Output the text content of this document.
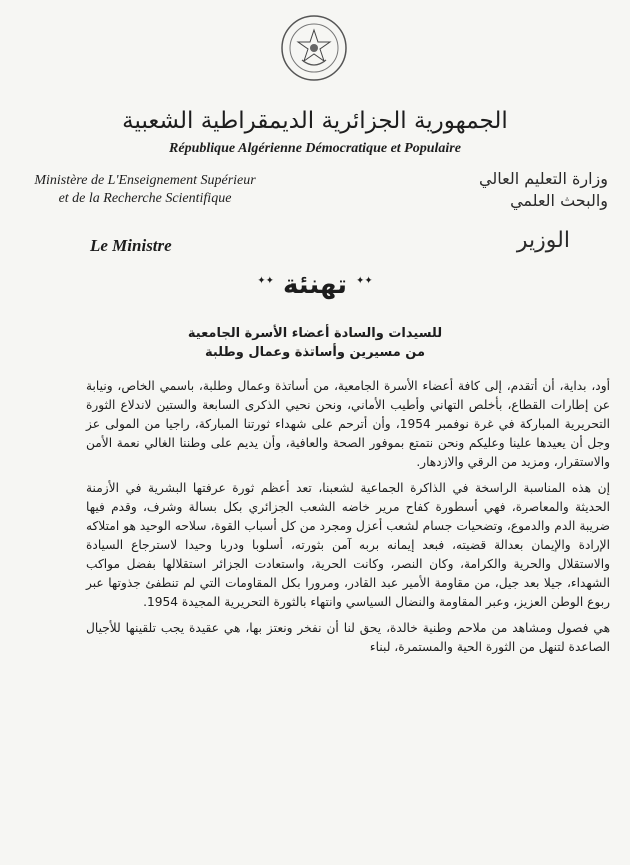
الجمهورية الجزائرية الديمقراطية الشعبية
République Algérienne Démocratique et Populaire
Ministère de L'Enseignement Supérieur
et de la Recherche Scientifique
وزارة التعليم العالي
والبحث العلمي
Le Ministre	الوزير
✦✦ تهنئة ✦✦
للسيدات والسادة أعضاء الأسرة الجامعية
من مسيرين وأساتذة وعمال وطلبة

أود، بداية، أن أتقدم، إلى كافة أعضاء الأسرة الجامعية، من أساتذة وعمال وطلبة، باسمي الخاص، ونيابة عن إطارات القطاع، بأخلص التهاني وأطيب الأماني، ونحن نحيي الذكرى السابعة والستين لاندلاع الثورة التحريرية المباركة في غرة نوفمبر 1954، وأن أترحم على شهداء ثورتنا المباركة، راجيا من المولى عز وجل أن يعيدها علينا وعليكم ونحن نتمتع بموفور الصحة والعافية، وأن يديم على وطننا الغالي نعمة الأمن والاستقرار، ومزيد من الرقي والازدهار.

إن هذه المناسبة الراسخة في الذاكرة الجماعية لشعبنا، تعد أعظم ثورة عرفتها البشرية في الأزمنة الحديثة والمعاصرة، فهي أسطورة كفاح مرير خاضه الشعب الجزائري بكل بسالة وشرف، وقدم فيها ضريبة الدم والدموع، وتضحيات جسام لشعب أعزل ومجرد من كل أسباب القوة، سلاحه الوحيد هو امتلاكه الإرادة والإيمان بعدالة قضيته، فبعد إيمانه بربه آمن بثورته، أسلوبا ودربا وحيدا لاسترجاع السيادة والاستقلال والحرية والكرامة، وكان النصر، وكانت الحرية، واستعادت الجزائر استقلالها بفضل مواكب الشهداء، جيلا بعد جيل، من مقاومة الأمير عبد القادر، ومرورا بكل المقاومات التي لم تنطفئ جذوتها عبر ربوع الوطن العزيز، وعبر المقاومة والنضال السياسي وانتهاء بالثورة التحريرية المجيدة 1954.

هي فصول ومشاهد من ملاحم وطنية خالدة، يحق لنا أن نفخر ونعتز بها، هي عقيدة يجب تلقينها للأجيال الصاعدة لتنهل من الثورة الحية والمستمرة، لبناء
